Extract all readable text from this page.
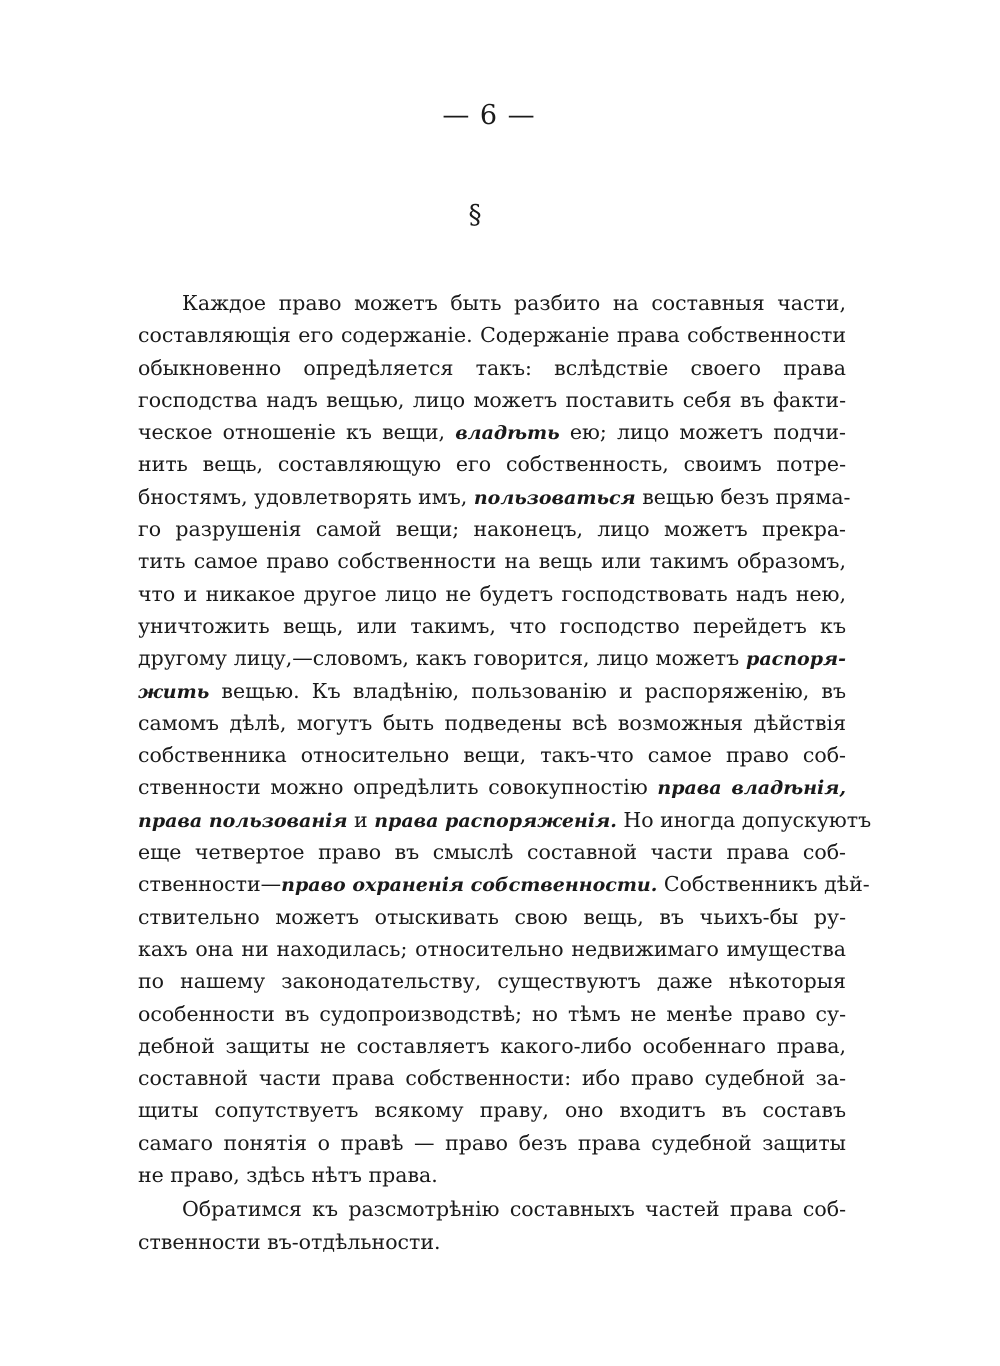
— 6 —
§
Каждое право можетъ быть разбито на составныя части,
составляющія его содержаніе. Содержаніе права собственности
обыкновенно опредѣляется такъ: вслѣдствіе своего права
господства надъ вещью, лицо можетъ поставить себя въ факти-
ческое отношеніе къ вещи, владѣть ею; лицо можетъ подчи-
нить вещь, составляющую его собственность, своимъ потре-
бностямъ, удовлетворять имъ, пользоваться вещью безъ пряма-
го разрушенія самой вещи; наконецъ, лицо можетъ прекра-
тить самое право собственности на вещь или такимъ образомъ,
что и никакое другое лицо не будетъ господствовать надъ нею,
уничтожить вещь, или такимъ, что господство перейдетъ къ
другому лицу,—словомъ, какъ говорится, лицо можетъ распоря-
жить вещью. Къ владѣнію, пользованію и распоряженію, въ
самомъ дѣлѣ, могутъ быть подведены всѣ возможныя дѣйствія
собственника относительно вещи, такъ-что самое право соб-
ственности можно опредѣлить совокупностію права владѣнія,
права пользованія и права распоряженія. Но иногда допускуютъ
еще четвертое право въ смыслѣ составной части права соб-
ственности—право охраненія собственности. Собственникъ дѣй-
ствительно можетъ отыскивать свою вещь, въ чьихъ-бы ру-
кахъ она ни находилась; относительно недвижимаго имущества
по нашему законодательству, существуютъ даже нѣкоторыя
особенности въ судопроизводствѣ; но тѣмъ не менѣе право су-
дебной защиты не составляетъ какого-либо особеннаго права,
составной части права собственности: ибо право судебной за-
щиты сопутствуетъ всякому праву, оно входитъ въ составъ
самаго понятія о правѣ — право безъ права судебной защиты
не право, здѣсь нѣтъ права.
Обратимся къ разсмотрѣнію составныхъ частей права соб-
ственности въ-отдѣльности.
